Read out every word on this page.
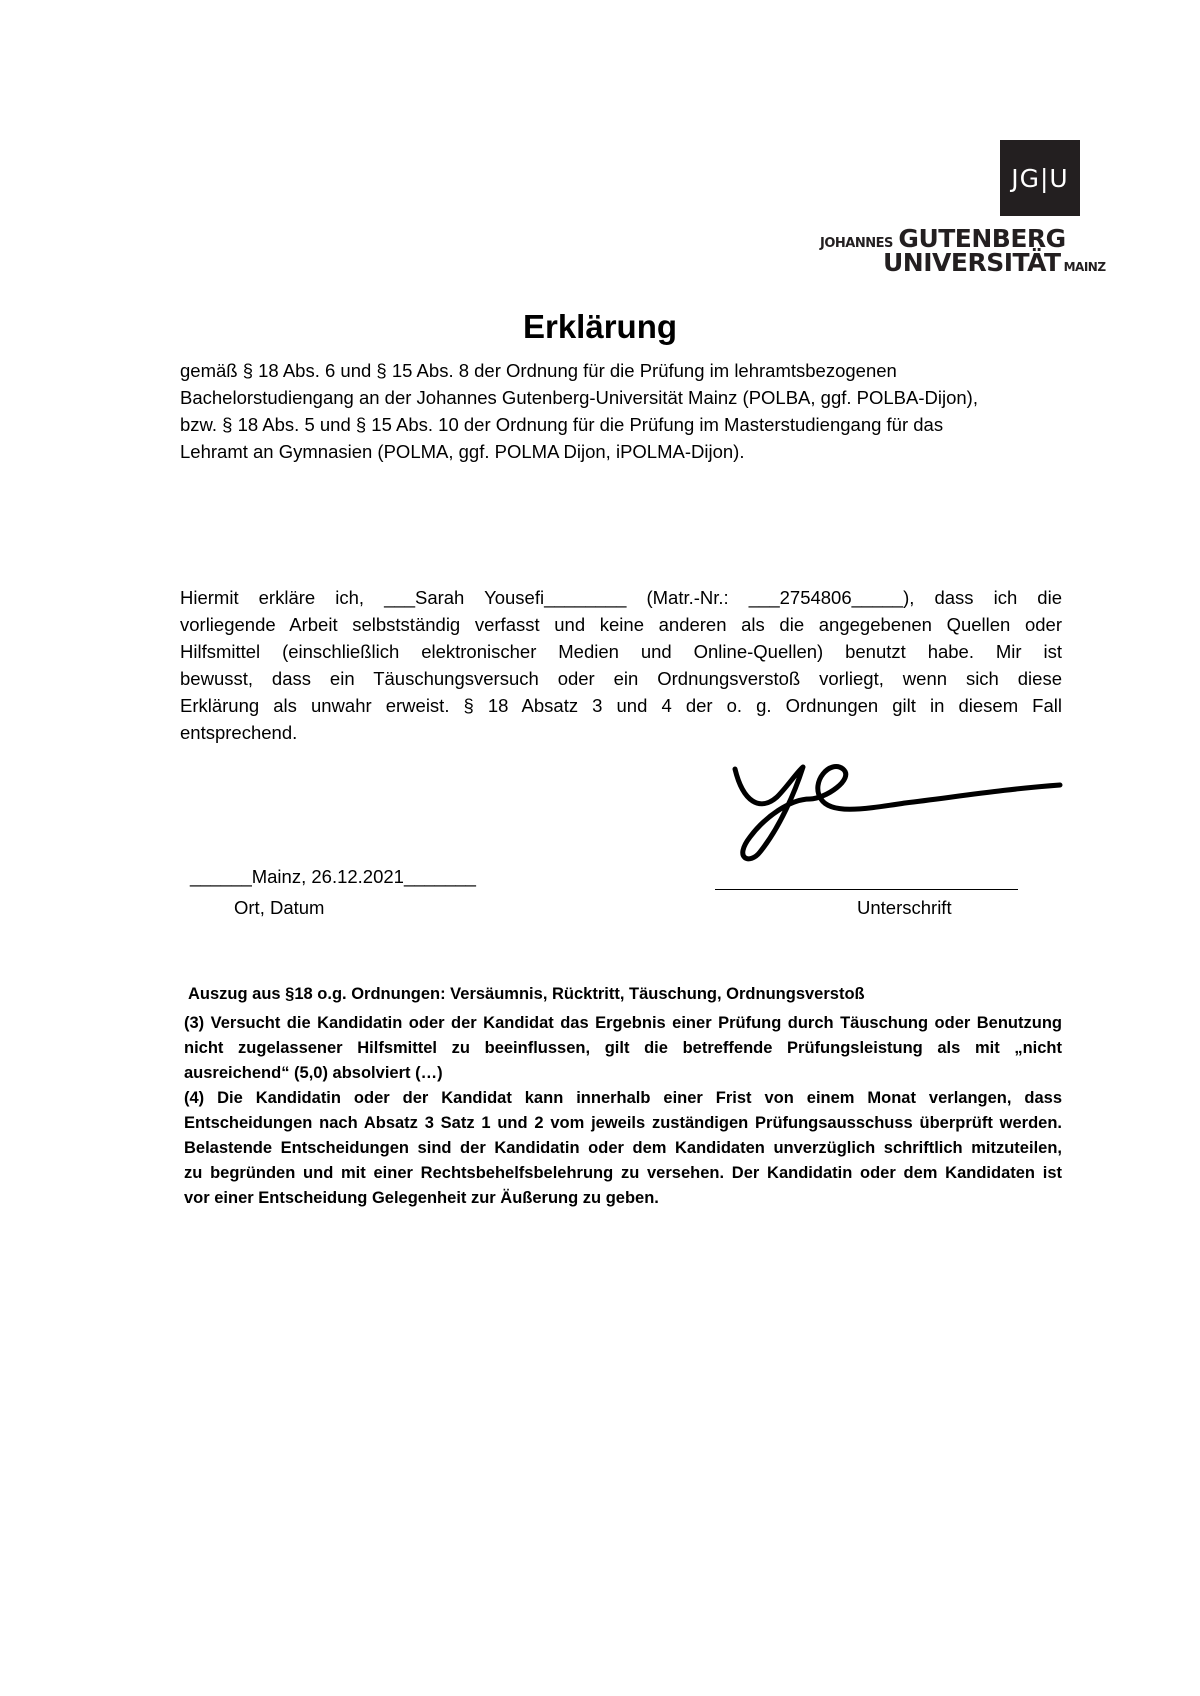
JG|U
JOHANNES GUTENBERG
UNIVERSITÄT MAINZ
Erklärung
gemäß § 18 Abs. 6 und § 15 Abs. 8 der Ordnung für die Prüfung im lehramtsbezogenen
Bachelorstudiengang an der Johannes Gutenberg-Universität Mainz (POLBA, ggf. POLBA-Dijon),
bzw. § 18 Abs. 5 und § 15 Abs. 10 der Ordnung für die Prüfung im Masterstudiengang für das
Lehramt an Gymnasien (POLMA, ggf. POLMA Dijon, iPOLMA-Dijon).
Hiermit erkläre ich, ___Sarah Yousefi________ (Matr.-Nr.: ___2754806_____), dass ich die
vorliegende Arbeit selbstständig verfasst und keine anderen als die angegebenen Quellen oder
Hilfsmittel (einschließlich elektronischer Medien und Online-Quellen) benutzt habe. Mir ist
bewusst, dass ein Täuschungsversuch oder ein Ordnungsverstoß vorliegt, wenn sich diese
Erklärung als unwahr erweist. § 18 Absatz 3 und 4 der o. g. Ordnungen gilt in diesem Fall
entsprechend.
______Mainz, 26.12.2021_______
Ort, Datum	Unterschrift
Auszug aus §18 o.g. Ordnungen: Versäumnis, Rücktritt, Täuschung, Ordnungsverstoß
(3) Versucht die Kandidatin oder der Kandidat das Ergebnis einer Prüfung durch Täuschung oder Benutzung
nicht zugelassener Hilfsmittel zu beeinflussen, gilt die betreffende Prüfungsleistung als mit „nicht
ausreichend“ (5,0) absolviert (…)
(4) Die Kandidatin oder der Kandidat kann innerhalb einer Frist von einem Monat verlangen, dass
Entscheidungen nach Absatz 3 Satz 1 und 2 vom jeweils zuständigen Prüfungsausschuss überprüft werden.
Belastende Entscheidungen sind der Kandidatin oder dem Kandidaten unverzüglich schriftlich mitzuteilen,
zu begründen und mit einer Rechtsbehelfsbelehrung zu versehen. Der Kandidatin oder dem Kandidaten ist
vor einer Entscheidung Gelegenheit zur Äußerung zu geben.
